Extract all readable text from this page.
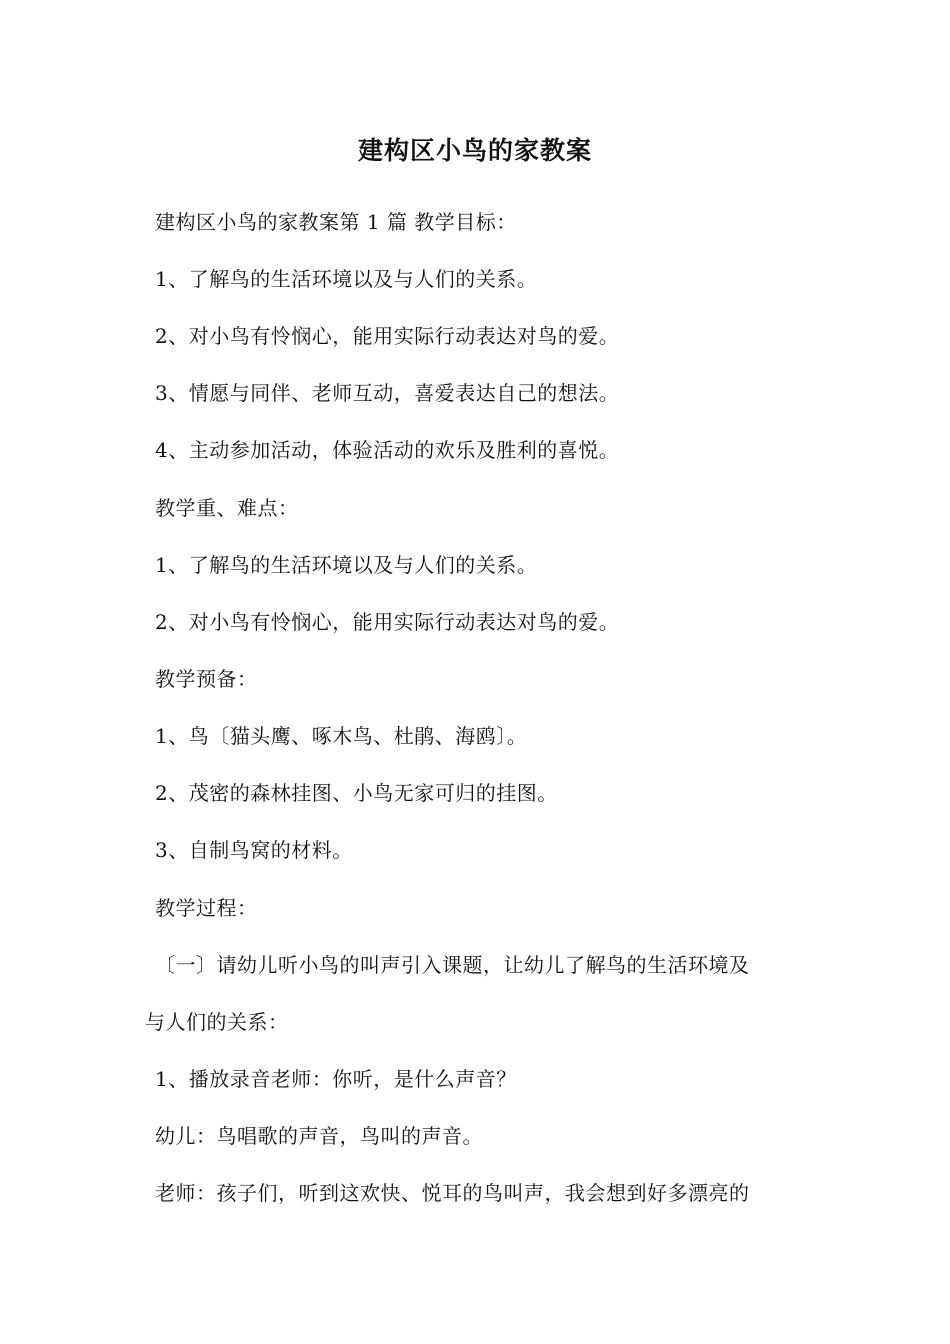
建构区小鸟的家教案
建构区小鸟的家教案第 1 篇 教学目标：
1、了解鸟的生活环境以及与人们的关系。
2、对小鸟有怜悯心，能用实际行动表达对鸟的爱。
3、情愿与同伴、老师互动，喜爱表达自己的想法。
4、主动参加活动，体验活动的欢乐及胜利的喜悦。
教学重、难点：
1、了解鸟的生活环境以及与人们的关系。
2、对小鸟有怜悯心，能用实际行动表达对鸟的爱。
教学预备：
1、鸟〔猫头鹰、啄木鸟、杜鹃、海鸥〕。
2、茂密的森林挂图、小鸟无家可归的挂图。
3、自制鸟窝的材料。
教学过程：
〔一〕请幼儿听小鸟的叫声引入课题，让幼儿了解鸟的生活环境及
与人们的关系：
1、播放录音老师：你听，是什么声音？
幼儿：鸟唱歌的声音，鸟叫的声音。
老师：孩子们，听到这欢快、悦耳的鸟叫声，我会想到好多漂亮的
